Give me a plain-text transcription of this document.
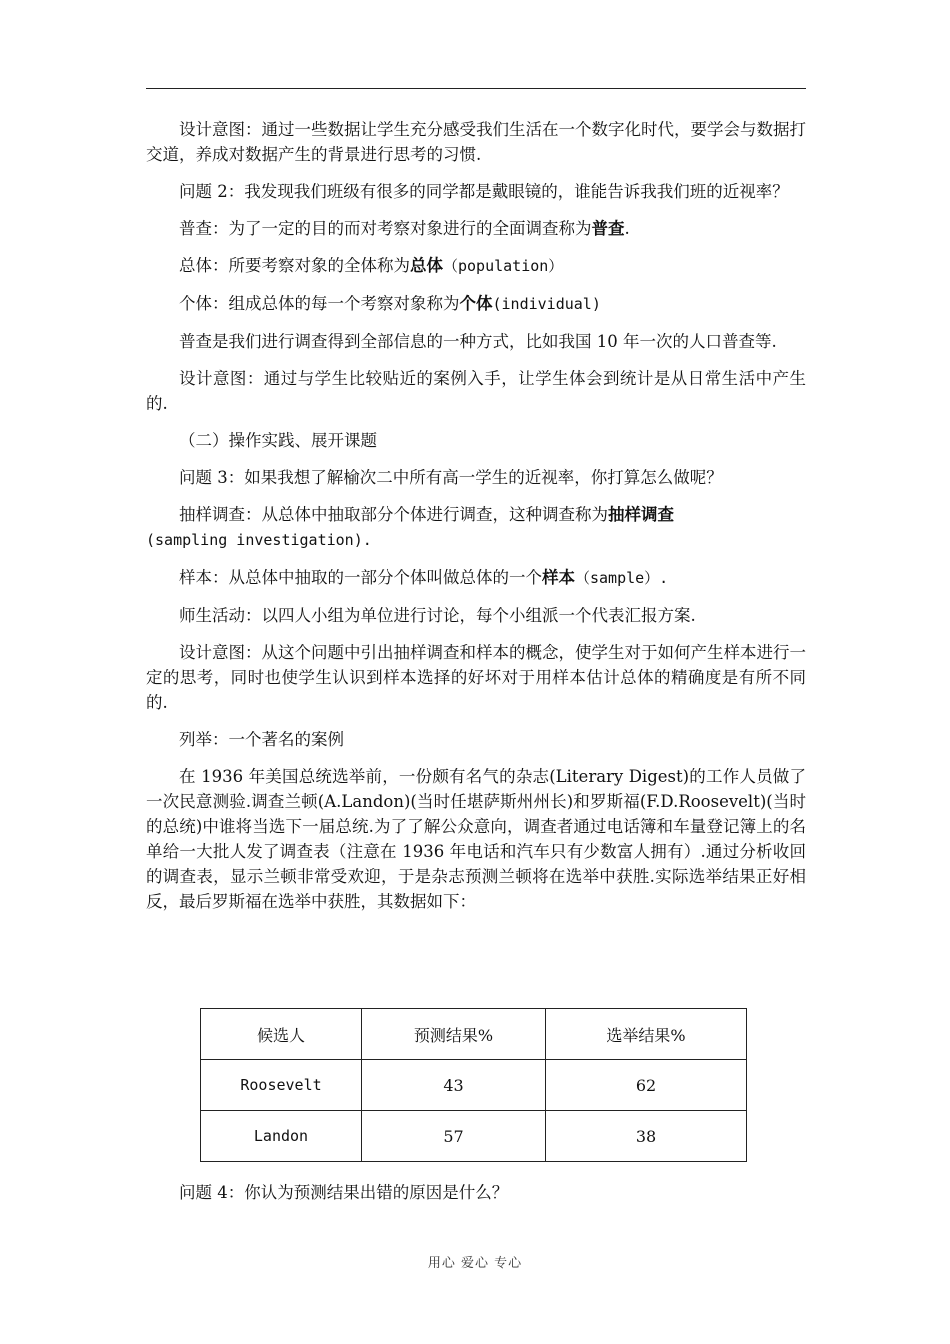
设计意图：通过一些数据让学生充分感受我们生活在一个数字化时代，要学会与数据打交道，养成对数据产生的背景进行思考的习惯.

问题 2：我发现我们班级有很多的同学都是戴眼镜的，谁能告诉我我们班的近视率？

普查：为了一定的目的而对考察对象进行的全面调查称为普查.

总体：所要考察对象的全体称为总体（population）

个体：组成总体的每一个考察对象称为个体(individual)

普查是我们进行调查得到全部信息的一种方式，比如我国 10 年一次的人口普查等.

设计意图：通过与学生比较贴近的案例入手，让学生体会到统计是从日常生活中产生的.

（二）操作实践、展开课题

问题 3：如果我想了解榆次二中所有高一学生的近视率，你打算怎么做呢？

抽样调查：从总体中抽取部分个体进行调查，这种调查称为抽样调查
(sampling investigation).

样本：从总体中抽取的一部分个体叫做总体的一个样本（sample）.

师生活动：以四人小组为单位进行讨论，每个小组派一个代表汇报方案.

设计意图：从这个问题中引出抽样调查和样本的概念，使学生对于如何产生样本进行一定的思考，同时也使学生认识到样本选择的好坏对于用样本估计总体的精确度是有所不同的.

列举：一个著名的案例

在 1936 年美国总统选举前，一份颇有名气的杂志(Literary Digest)的工作人员做了一次民意测验.调查兰顿(A.Landon)(当时任堪萨斯州州长)和罗斯福(F.D.Roosevelt)(当时的总统)中谁将当选下一届总统.为了了解公众意向，调查者通过电话簿和车量登记簿上的名单给一大批人发了调查表（注意在 1936 年电话和汽车只有少数富人拥有）.通过分析收回的调查表，显示兰顿非常受欢迎，于是杂志预测兰顿将在选举中获胜.实际选举结果正好相反，最后罗斯福在选举中获胜，其数据如下：

候选人	预测结果%	选举结果%
Roosevelt	43	62
Landon	57	38

问题 4：你认为预测结果出错的原因是什么？

用心 爱心 专心
